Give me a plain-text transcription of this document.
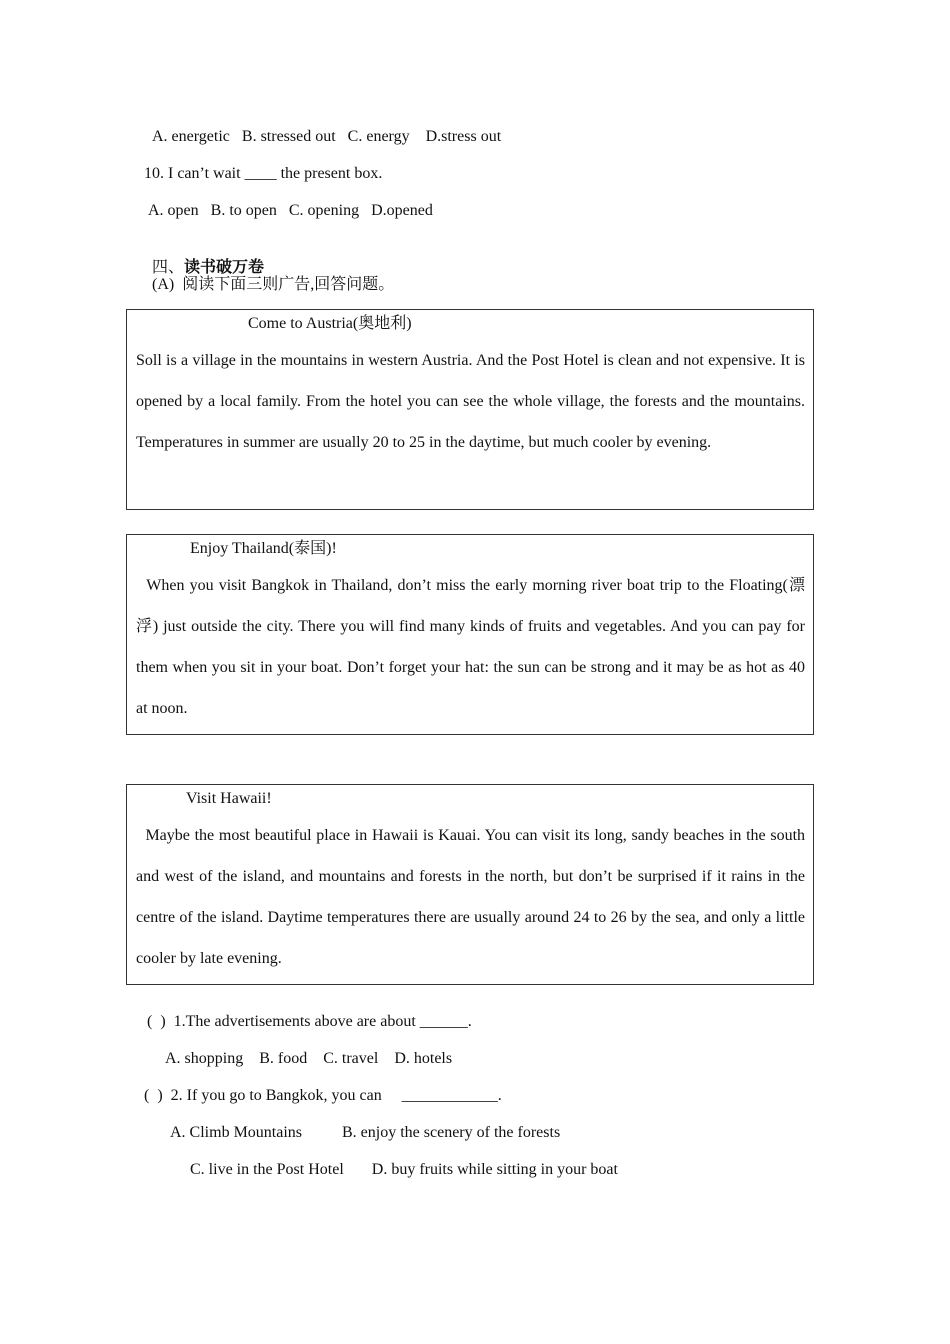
A. energetic   B. stressed out   C. energy    D.stress out
10. I can’t wait ____ the present box.
A. open   B. to open   C. opening   D.opened

四、读书破万卷

(A)  阅读下面三则广告,回答问题。
Come to Austria(奥地利)
Soll is a village in the mountains in western Austria. And the Post Hotel is clean and not expensive. It is opened by a local family. From the hotel you can see the whole village, the forests and the mountains. Temperatures in summer are usually 20 to 25 in the daytime, but much cooler by evening.
Enjoy Thailand(泰国)!
When you visit Bangkok in Thailand, don’t miss the early morning river boat trip to the Floating(漂浮) just outside the city. There you will find many kinds of fruits and vegetables. And you can pay for them when you sit in your boat. Don’t forget your hat: the sun can be strong and it may be as hot as 40 at noon.
Visit Hawaii!
Maybe the most beautiful place in Hawaii is Kauai. You can visit its long, sandy beaches in the south and west of the island, and mountains and forests in the north, but don’t be surprised if it rains in the centre of the island. Daytime temperatures there are usually around 24 to 26 by the sea, and only a little cooler by late evening.
(  )  1.The advertisements above are about ______.
A. shopping    B. food    C. travel    D. hotels
(  )  2. If you go to Bangkok, you can     ____________.
A. Climb Mountains          B. enjoy the scenery of the forests
C. live in the Post Hotel       D. buy fruits while sitting in your boat
